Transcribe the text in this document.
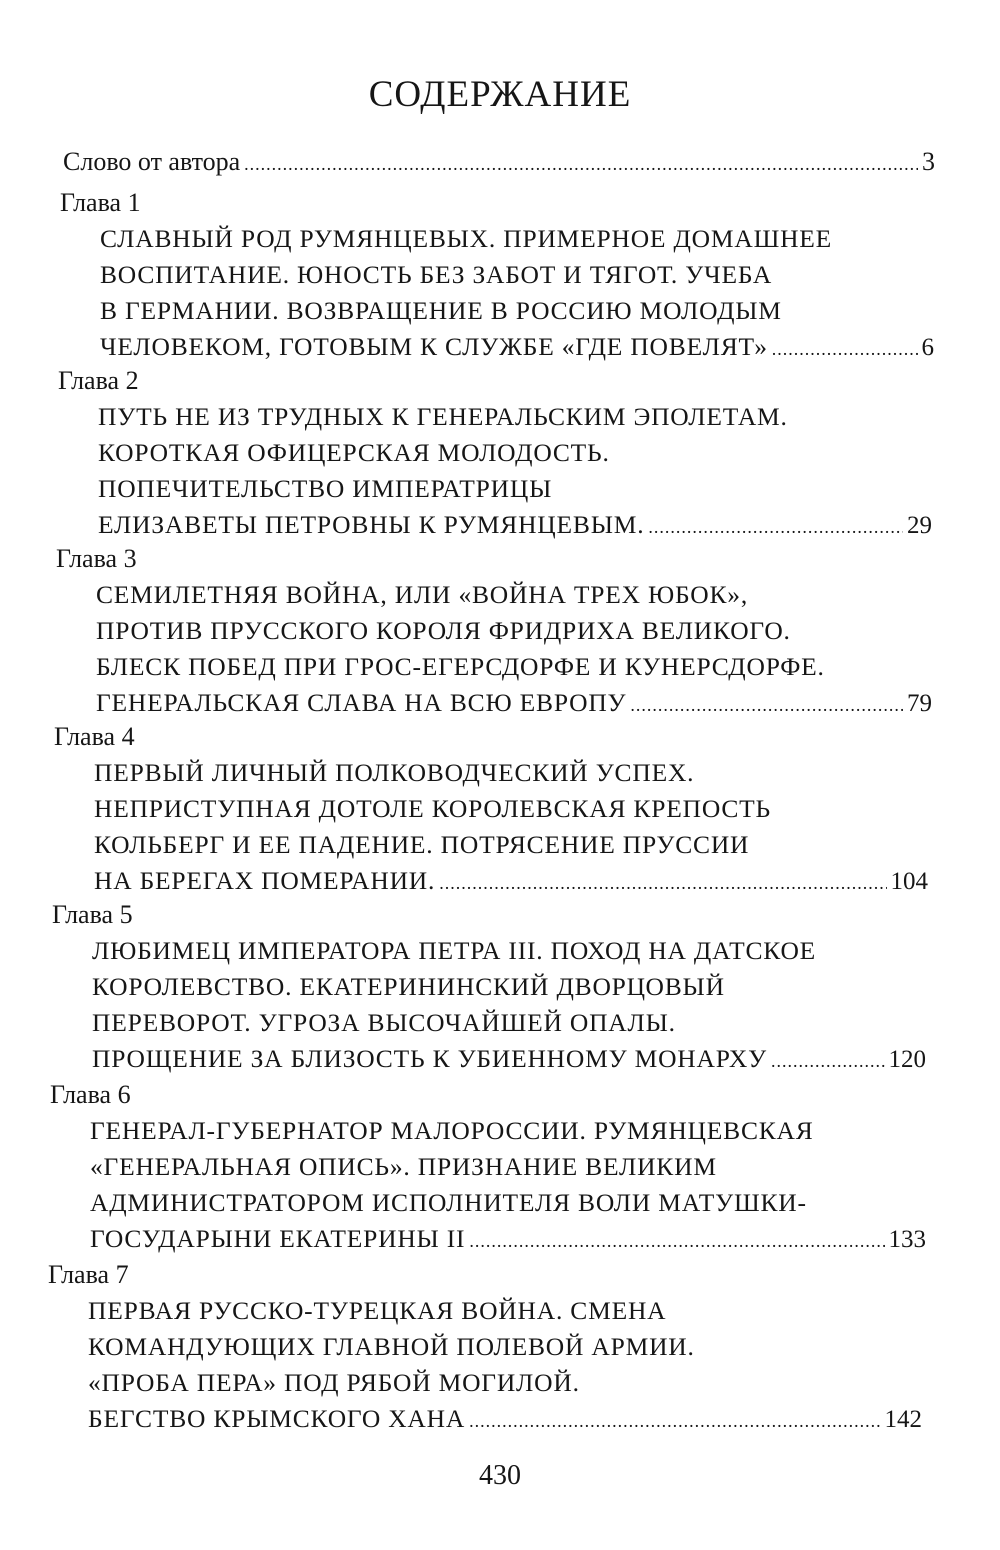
СОДЕРЖАНИЕ
Слово от автора .....	3
Глава 1
СЛАВНЫЙ РОД РУМЯНЦЕВЫХ. ПРИМЕРНОЕ ДОМАШНЕЕ
ВОСПИТАНИЕ. ЮНОСТЬ БЕЗ ЗАБОТ И ТЯГОТ. УЧЕБА
В ГЕРМАНИИ. ВОЗВРАЩЕНИЕ В РОССИЮ МОЛОДЫМ
ЧЕЛОВЕКОМ, ГОТОВЫМ К СЛУЖБЕ «ГДЕ ПОВЕЛЯТ» .....	6
Глава 2
ПУТЬ НЕ ИЗ ТРУДНЫХ К ГЕНЕРАЛЬСКИМ ЭПОЛЕТАМ.
КОРОТКАЯ ОФИЦЕРСКАЯ МОЛОДОСТЬ.
ПОПЕЧИТЕЛЬСТВО ИМПЕРАТРИЦЫ
ЕЛИЗАВЕТЫ ПЕТРОВНЫ К РУМЯНЦЕВЫМ. .....	29
Глава 3
СЕМИЛЕТНЯЯ ВОЙНА, ИЛИ «ВОЙНА ТРЕХ ЮБОК»,
ПРОТИВ ПРУССКОГО КОРОЛЯ ФРИДРИХА ВЕЛИКОГО.
БЛЕСК ПОБЕД ПРИ ГРОС-ЕГЕРСДОРФЕ И КУНЕРСДОРФЕ.
ГЕНЕРАЛЬСКАЯ СЛАВА НА ВСЮ ЕВРОПУ .....	79
Глава 4
ПЕРВЫЙ ЛИЧНЫЙ ПОЛКОВОДЧЕСКИЙ УСПЕХ.
НЕПРИСТУПНАЯ ДОТОЛЕ КОРОЛЕВСКАЯ КРЕПОСТЬ
КОЛЬБЕРГ И ЕЕ ПАДЕНИЕ. ПОТРЯСЕНИЕ ПРУССИИ
НА БЕРЕГАХ ПОМЕРАНИИ. .....	104
Глава 5
ЛЮБИМЕЦ ИМПЕРАТОРА ПЕТРА III. ПОХОД НА ДАТСКОЕ
КОРОЛЕВСТВО. ЕКАТЕРИНИНСКИЙ ДВОРЦОВЫЙ
ПЕРЕВОРОТ. УГРОЗА ВЫСОЧАЙШЕЙ ОПАЛЫ.
ПРОЩЕНИЕ ЗА БЛИЗОСТЬ К УБИЕННОМУ МОНАРХУ .....	120
Глава 6
ГЕНЕРАЛ-ГУБЕРНАТОР МАЛОРОССИИ. РУМЯНЦЕВСКАЯ
«ГЕНЕРАЛЬНАЯ ОПИСЬ». ПРИЗНАНИЕ ВЕЛИКИМ
АДМИНИСТРАТОРОМ ИСПОЛНИТЕЛЯ ВОЛИ МАТУШКИ-
ГОСУДАРЫНИ ЕКАТЕРИНЫ II .....	133
Глава 7
ПЕРВАЯ РУССКО-ТУРЕЦКАЯ ВОЙНА. СМЕНА
КОМАНДУЮЩИХ ГЛАВНОЙ ПОЛЕВОЙ АРМИИ.
«ПРОБА ПЕРА» ПОД РЯБОЙ МОГИЛОЙ.
БЕГСТВО КРЫМСКОГО ХАНА .....	142
430
